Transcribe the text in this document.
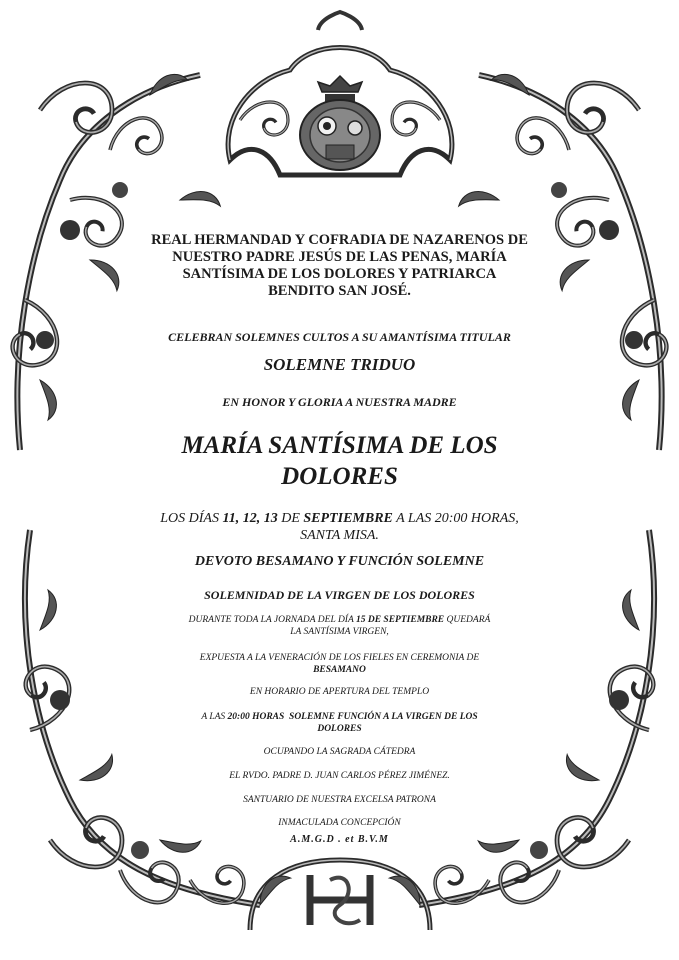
REAL HERMANDAD Y COFRADIA DE NAZARENOS DE
NUESTRO PADRE JESÚS DE LAS PENAS, MARÍA
SANTÍSIMA DE LOS DOLORES Y PATRIARCA
BENDITO SAN JOSÉ.

CELEBRAN SOLEMNES CULTOS A SU AMANTÍSIMA TITULAR

SOLEMNE TRIDUO

EN HONOR Y GLORIA A NUESTRA MADRE

MARÍA SANTÍSIMA DE LOS
DOLORES

LOS DÍAS 11, 12, 13 DE SEPTIEMBRE A LAS 20:00 HORAS,
SANTA MISA.

DEVOTO BESAMANO Y FUNCIÓN SOLEMNE

SOLEMNIDAD DE LA VIRGEN DE LOS DOLORES

DURANTE TODA LA JORNADA DEL DÍA 15 DE SEPTIEMBRE QUEDARÁ
LA SANTÍSIMA VIRGEN,

EXPUESTA A LA VENERACIÓN DE LOS FIELES EN CEREMONIA DE
BESAMANO

EN HORARIO DE APERTURA DEL TEMPLO

A LAS 20:00 HORAS  SOLEMNE FUNCIÓN A LA VIRGEN DE LOS
DOLORES

OCUPANDO LA SAGRADA CÁTEDRA

EL RVDO. PADRE D. JUAN CARLOS PÉREZ JIMÉNEZ.

SANTUARIO DE NUESTRA EXCELSA PATRONA

INMACULADA CONCEPCIÓN

A.M.G.D . et B.V.M
